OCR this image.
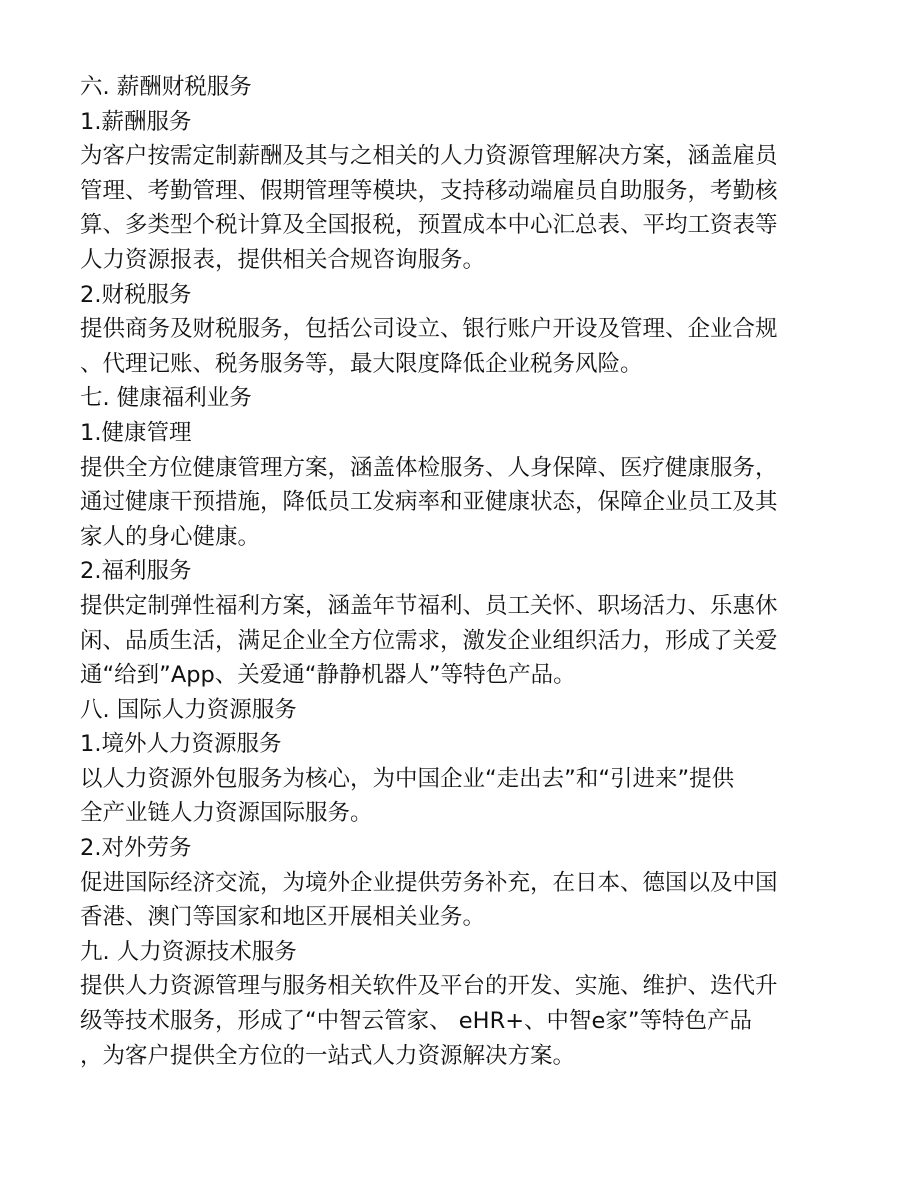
六. 薪酬财税服务
1.薪酬服务
为客户按需定制薪酬及其与之相关的人力资源管理解决方案，涵盖雇员
管理、考勤管理、假期管理等模块，支持移动端雇员自助服务，考勤核
算、多类型个税计算及全国报税，预置成本中心汇总表、平均工资表等
人力资源报表，提供相关合规咨询服务。
2.财税服务
提供商务及财税服务，包括公司设立、银行账户开设及管理、企业合规
、代理记账、税务服务等，最大限度降低企业税务风险。
七. 健康福利业务
1.健康管理
提供全方位健康管理方案，涵盖体检服务、人身保障、医疗健康服务，
通过健康干预措施，降低员工发病率和亚健康状态，保障企业员工及其
家人的身心健康。
2.福利服务
提供定制弹性福利方案，涵盖年节福利、员工关怀、职场活力、乐惠休
闲、品质生活，满足企业全方位需求，激发企业组织活力，形成了关爱
通“给到”App、关爱通“静静机器人”等特色产品。
八. 国际人力资源服务
1.境外人力资源服务
以人力资源外包服务为核心，为中国企业“走出去”和“引进来”提供
全产业链人力资源国际服务。
2.对外劳务
促进国际经济交流，为境外企业提供劳务补充，在日本、德国以及中国
香港、澳门等国家和地区开展相关业务。
九. 人力资源技术服务
提供人力资源管理与服务相关软件及平台的开发、实施、维护、迭代升
级等技术服务，形成了“中智云管家、 eHR+、中智e家”等特色产品
，为客户提供全方位的一站式人力资源解决方案。
